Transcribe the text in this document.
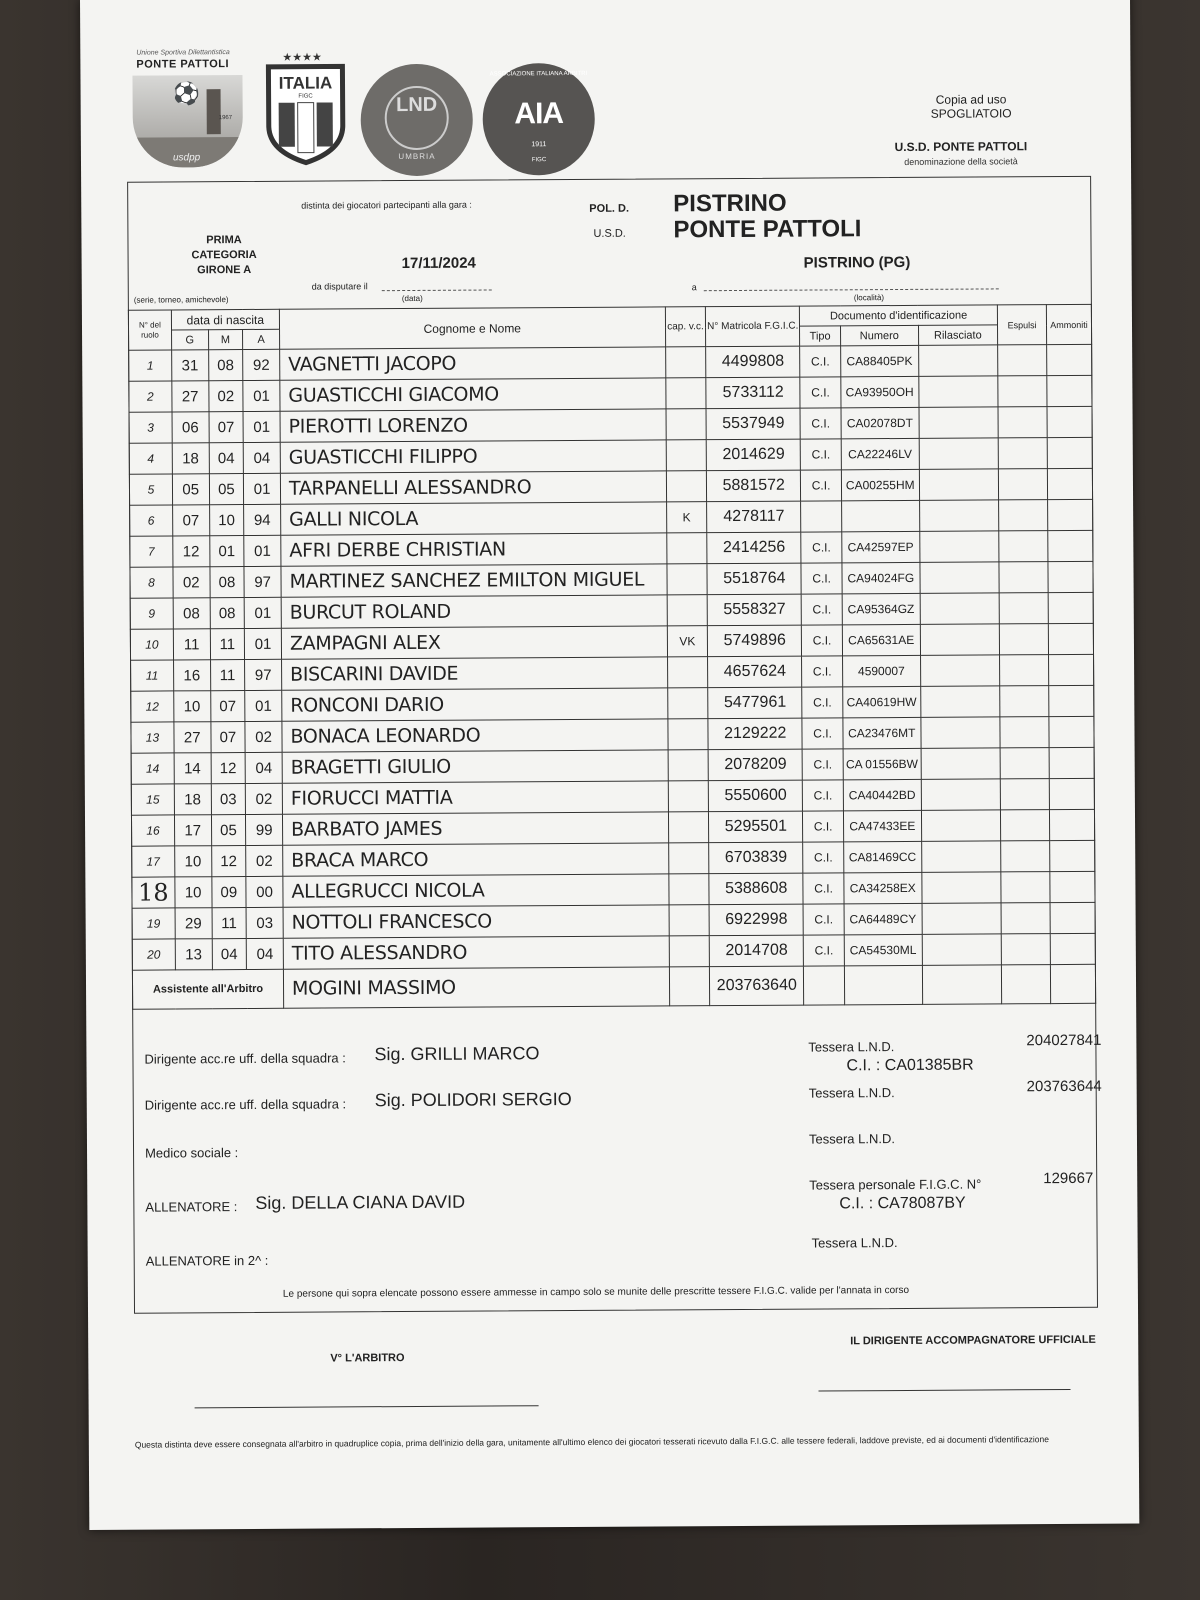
Unione Sportiva Dilettantistica
PONTE PATTOLI
⚽
usdpp
1967
★★★★
ITALIA
FIGC	LND
UMBRIA
ASSOCIAZIONE ITALIANA ARBITRI
AIA
1911
FIGC
Copia ad uso
SPOGLIATOIO
U.S.D. PONTE PATTOLI
denominazione della società
distinta dei giocatori partecipanti alla gara :	POL. D. PISTRINO
U.S.D. PONTE PATTOLI
PRIMA
CATEGORIA
GIRONE A	17/11/2024	PISTRINO (PG)
da disputare il	a
(serie, torneo, amichevole)	(data)	(località)
N° del ruolo	data di nascita			Cognome e Nome	cap. v.c.	N° Matricola F.G.I.C.	Documento d'identificazione			Espulsi	Ammoniti
	G	M	A				Tipo	Numero	Rilasciato		
1	31	08	92	VAGNETTI JACOPO		4499808	C.I.	CA88405PK			
2	27	02	01	GUASTICCHI GIACOMO		5733112	C.I.	CA93950OH			
3	06	07	01	PIEROTTI LORENZO		5537949	C.I.	CA02078DT			
4	18	04	04	GUASTICCHI FILIPPO		2014629	C.I.	CA22246LV			
5	05	05	01	TARPANELLI ALESSANDRO		5881572	C.I.	CA00255HM			
6	07	10	94	GALLI NICOLA	K	4278117					
7	12	01	01	AFRI DERBE CHRISTIAN		2414256	C.I.	CA42597EP			
8	02	08	97	MARTINEZ SANCHEZ EMILTON MIGUEL		5518764	C.I.	CA94024FG			
9	08	08	01	BURCUT ROLAND		5558327	C.I.	CA95364GZ			
10	11	11	01	ZAMPAGNI ALEX	VK	5749896	C.I.	CA65631AE			
11	16	11	97	BISCARINI DAVIDE		4657624	C.I.	4590007			
12	10	07	01	RONCONI DARIO		5477961	C.I.	CA40619HW			
13	27	07	02	BONACA LEONARDO		2129222	C.I.	CA23476MT			
14	14	12	04	BRAGETTI GIULIO		2078209	C.I.	CA 01556BW			
15	18	03	02	FIORUCCI MATTIA		5550600	C.I.	CA40442BD			
16	17	05	99	BARBATO JAMES		5295501	C.I.	CA47433EE			
17	10	12	02	BRACA MARCO		6703839	C.I.	CA81469CC			
18	10	09	00	ALLEGRUCCI NICOLA		5388608	C.I.	CA34258EX			
19	29	11	03	NOTTOLI FRANCESCO		6922998	C.I.	CA64489CY			
20	13	04	04	TITO ALESSANDRO		2014708	C.I.	CA54530ML			
Assistente all'Arbitro				MOGINI MASSIMO		203763640					
Dirigente acc.re uff. della squadra : Sig. GRILLI MARCO	Tessera L.N.D.	204027841
C.I. : CA01385BR
Dirigente acc.re uff. della squadra : Sig. POLIDORI SERGIO	Tessera L.N.D.	203763644
Medico sociale :
Tessera L.N.D.
ALLENATORE : Sig. DELLA CIANA DAVID
Tessera personale F.I.G.C. N°	129667
C.I. : CA78087BY
ALLENATORE in 2^ :
Tessera L.N.D.
Le persone qui sopra elencate possono essere ammesse in campo solo se munite delle prescritte tessere F.I.G.C. valide per l'annata in corso
V° L'ARBITRO
IL DIRIGENTE ACCOMPAGNATORE UFFICIALE
Questa distinta deve essere consegnata all'arbitro in quadruplice copia, prima dell'inizio della gara, unitamente all'ultimo elenco dei giocatori tesserati ricevuto dalla F.I.G.C. alle tessere federali, laddove previste, ed ai documenti d'identificazione
